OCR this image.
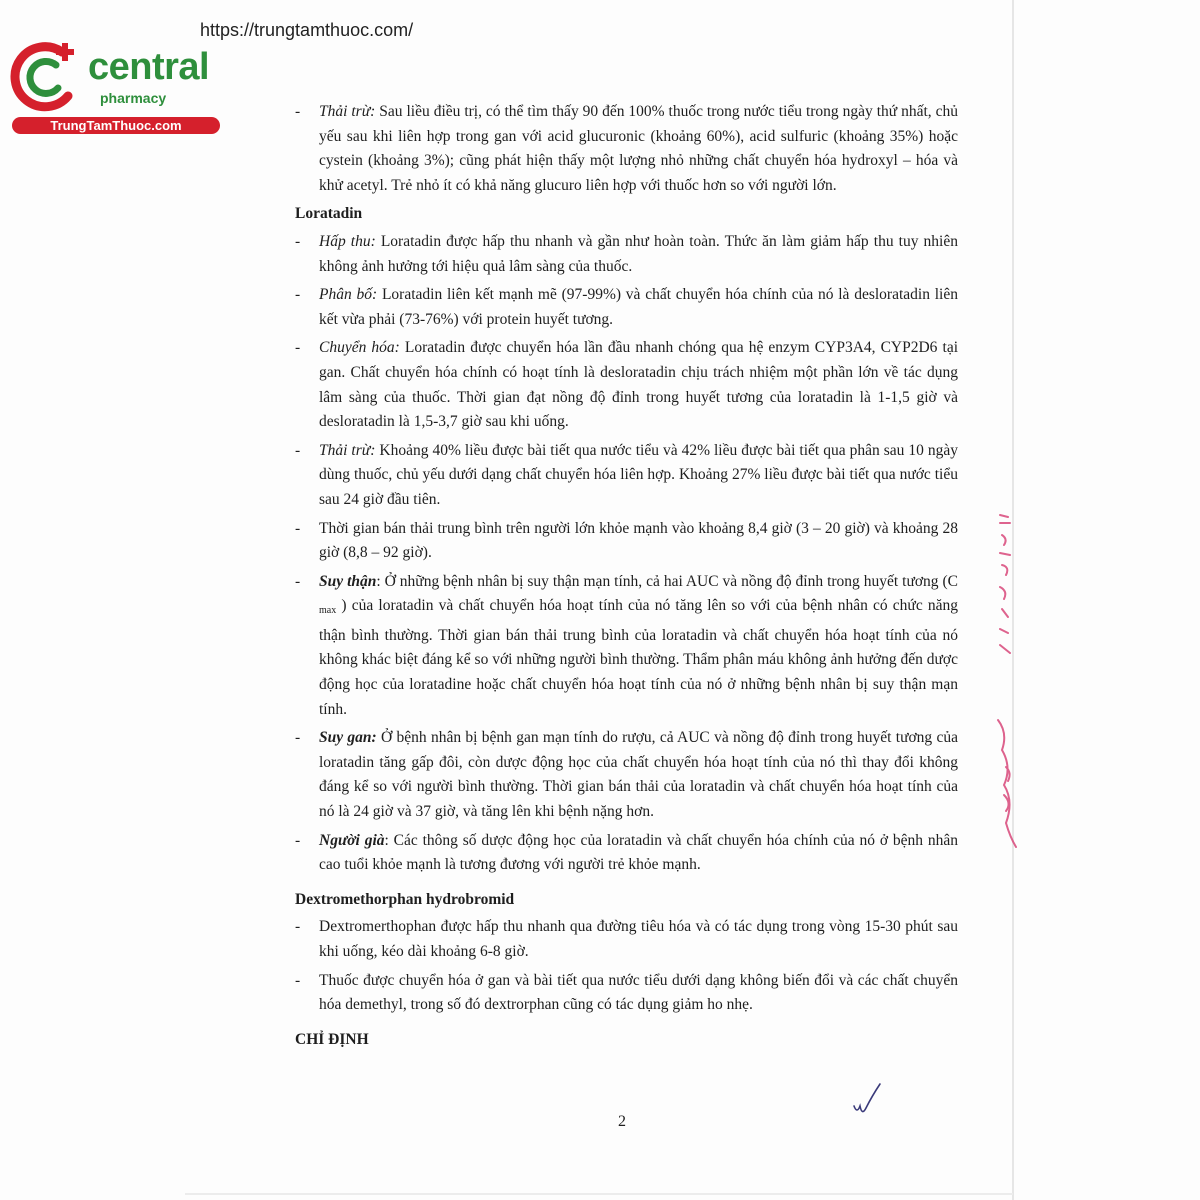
https://trungtamthuoc.com/
central
pharmacy
TrungTamThuoc.com
- Thải trừ: Sau liều điều trị, có thể tìm thấy 90 đến 100% thuốc trong nước tiểu trong ngày thứ nhất, chủ yếu sau khi liên hợp trong gan với acid glucuronic (khoảng 60%), acid sulfuric (khoảng 35%) hoặc cystein (khoảng 3%); cũng phát hiện thấy một lượng nhỏ những chất chuyển hóa hydroxyl – hóa và khử acetyl. Trẻ nhỏ ít có khả năng glucuro liên hợp với thuốc hơn so với người lớn.
Loratadin
- Hấp thu: Loratadin được hấp thu nhanh và gần như hoàn toàn. Thức ăn làm giảm hấp thu tuy nhiên không ảnh hưởng tới hiệu quả lâm sàng của thuốc.
- Phân bố: Loratadin liên kết mạnh mẽ (97-99%) và chất chuyển hóa chính của nó là desloratadin liên kết vừa phải (73-76%) với protein huyết tương.
- Chuyển hóa: Loratadin được chuyển hóa lần đầu nhanh chóng qua hệ enzym CYP3A4, CYP2D6 tại gan. Chất chuyển hóa chính có hoạt tính là desloratadin chịu trách nhiệm một phần lớn về tác dụng lâm sàng của thuốc. Thời gian đạt nồng độ đỉnh trong huyết tương của loratadin là 1-1,5 giờ và desloratadin là 1,5-3,7 giờ sau khi uống.
- Thải trừ: Khoảng 40% liều được bài tiết qua nước tiểu và 42% liều được bài tiết qua phân sau 10 ngày dùng thuốc, chủ yếu dưới dạng chất chuyển hóa liên hợp. Khoảng 27% liều được bài tiết qua nước tiểu sau 24 giờ đầu tiên.
- Thời gian bán thải trung bình trên người lớn khỏe mạnh vào khoảng 8,4 giờ (3 – 20 giờ) và khoảng 28 giờ (8,8 – 92 giờ).
- Suy thận: Ở những bệnh nhân bị suy thận mạn tính, cả hai AUC và nồng độ đỉnh trong huyết tương (C $_{max}$ ) của loratadin và chất chuyển hóa hoạt tính của nó tăng lên so với của bệnh nhân có chức năng thận bình thường. Thời gian bán thải trung bình của loratadin và chất chuyển hóa hoạt tính của nó không khác biệt đáng kể so với những người bình thường. Thẩm phân máu không ảnh hưởng đến dược động học của loratadine hoặc chất chuyển hóa hoạt tính của nó ở những bệnh nhân bị suy thận mạn tính.
- Suy gan: Ở bệnh nhân bị bệnh gan mạn tính do rượu, cả AUC và nồng độ đỉnh trong huyết tương của loratadin tăng gấp đôi, còn dược động học của chất chuyển hóa hoạt tính của nó thì thay đổi không đáng kể so với người bình thường. Thời gian bán thải của loratadin và chất chuyển hóa hoạt tính của nó là 24 giờ và 37 giờ, và tăng lên khi bệnh nặng hơn.
- Người già: Các thông số dược động học của loratadin và chất chuyển hóa chính của nó ở bệnh nhân cao tuổi khỏe mạnh là tương đương với người trẻ khỏe mạnh.
Dextromethorphan hydrobromid
- Dextromerthophan được hấp thu nhanh qua đường tiêu hóa và có tác dụng trong vòng 15-30 phút sau khi uống, kéo dài khoảng 6-8 giờ.
- Thuốc được chuyển hóa ở gan và bài tiết qua nước tiểu dưới dạng không biến đổi và các chất chuyển hóa demethyl, trong số đó dextrorphan cũng có tác dụng giảm ho nhẹ.
CHỈ ĐỊNH
2
